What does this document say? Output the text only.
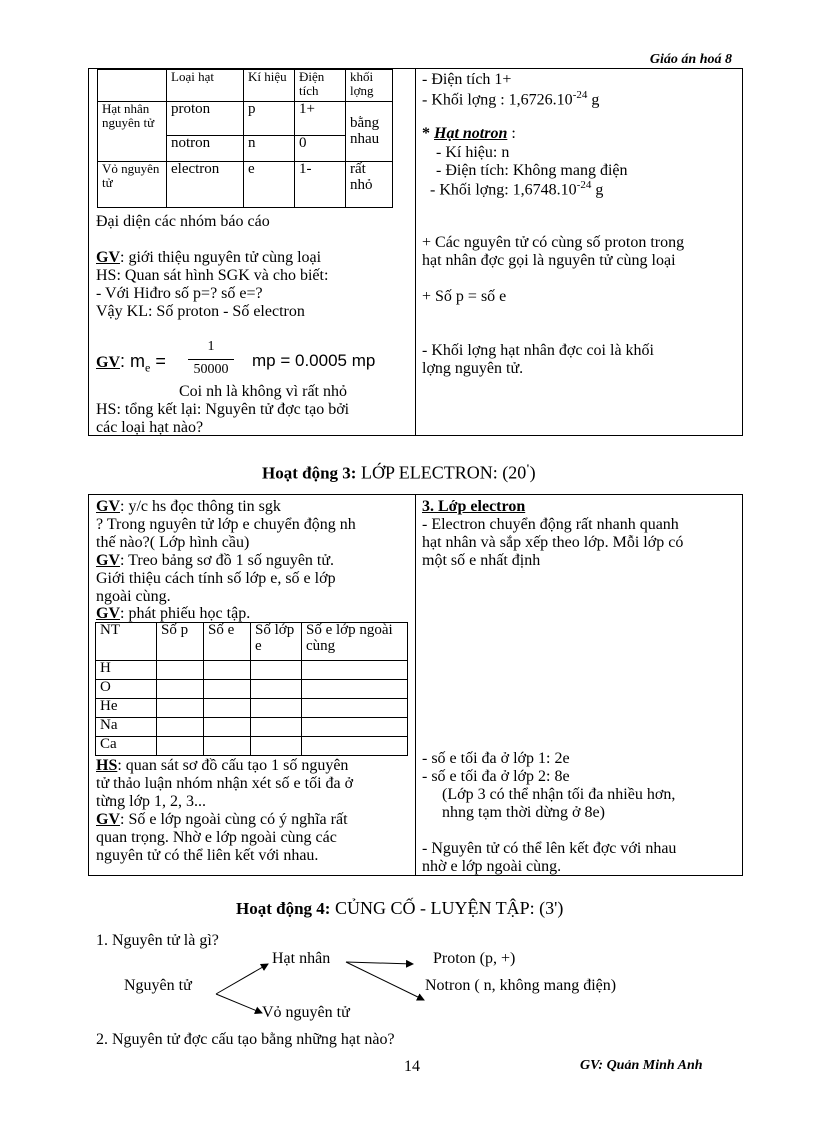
Giáo án hoá 8
	Loại hạt	Kí hiệu	Điện tích	khối lợng
Hạt nhân nguyên tử	proton	p	1+	bằng nhau
	notron	n	0	
Vỏ nguyên tử	electron	e	1-	rất nhỏ
Đại diện các nhóm báo cáo
GV: giới thiệu nguyên tử cùng loại
HS: Quan sát hình SGK và cho biết:
- Với Hiđro số p=? số e=?
Vậy KL: Số proton - Số electron
GV: $m_e$ =
1
50000	mp = 0.0005 mp
Coi nh là không vì rất nhỏ
HS: tổng kết lại: Nguyên tử đợc tạo bởi
các loại hạt nào?
- Điện tích 1+
- Khối lợng : $1,6726.10^{-24}$ g
* Hạt notron :
- Kí hiệu: n
- Điện tích: Không mang điện
- Khối lợng: $1,6748.10^{-24}$ g
+ Các nguyên tử có cùng số proton trong
hạt nhân đợc gọi là nguyên tử cùng loại
+ Số p = số e
- Khối lợng hạt nhân đợc coi là khối
lợng nguyên tử.
Hoạt động 3: LỚP ELECTRON: (20')
GV: y/c hs đọc thông tin sgk
? Trong nguyên tử lớp e chuyển động nh
thế nào?( Lớp hình cầu)
GV: Treo bảng sơ đồ 1 số nguyên tử.
Giới thiệu cách tính số lớp e, số e lớp
ngoài cùng.
GV: phát phiếu học tập.
NT	Số p	Số e	Số lớp e	Số e lớp ngoài cùng
H				
O				
He				
Na				
Ca				
HS: quan sát sơ đồ cấu tạo 1 số nguyên
tử thảo luận nhóm nhận xét số e tối đa ở
từng lớp 1, 2, 3...
GV: Số e lớp ngoài cùng có ý nghĩa rất
quan trọng. Nhờ e lớp ngoài cùng các
nguyên tử có thể liên kết với nhau.
3. Lớp electron
- Electron chuyển động rất nhanh quanh
hạt nhân và sắp xếp theo lớp. Mỗi lớp có
một số e nhất định
- số e tối đa ở lớp 1: 2e
- số e tối đa ở lớp 2: 8e
(Lớp 3 có thể nhận tối đa nhiều hơn,
nhng tạm thời dừng ở 8e)
- Nguyên tử có thể lên kết đợc với nhau
nhờ e lớp ngoài cùng.
Hoạt động 4: CỦNG CỐ - LUYỆN TẬP: (3')
1. Nguyên tử là gì?
Hạt nhân
Nguyên tử
Vỏ nguyên tử
Proton (p, +)
Notron ( n, không mang điện)
2. Nguyên tử đợc cấu tạo bằng những hạt nào?
14	GV: Quản Minh Anh
